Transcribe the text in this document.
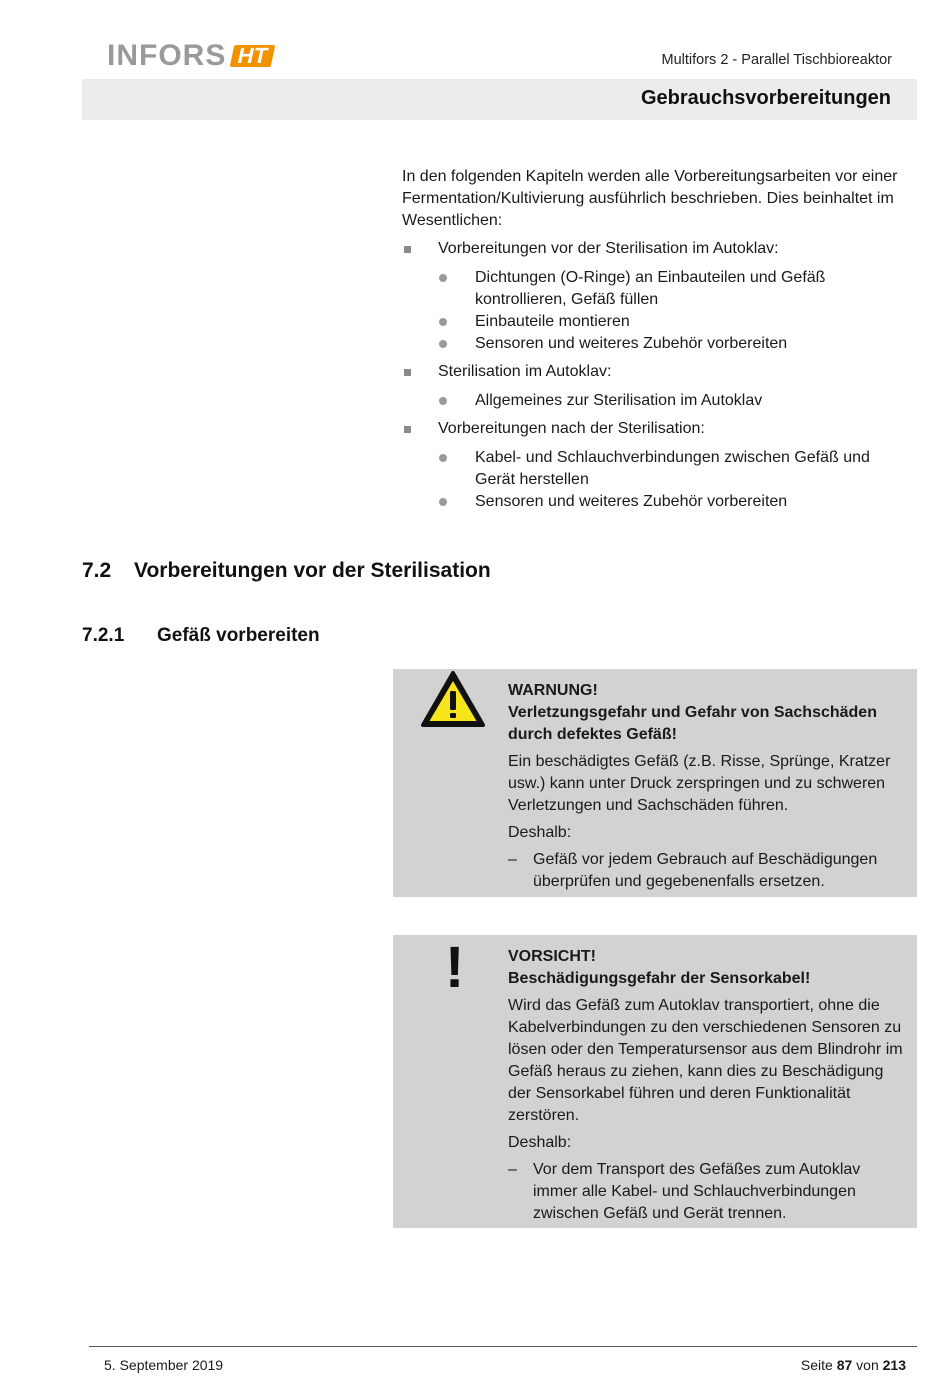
INFORS HT	Multifors 2 - Parallel Tischbioreaktor
Gebrauchsvorbereitungen

In den folgenden Kapiteln werden alle Vorbereitungsarbeiten vor einer Fermentation/Kultivierung ausführlich beschrieben. Dies beinhaltet im Wesentlichen:

Vorbereitungen vor der Sterilisation im Autoklav:
Dichtungen (O-Ringe) an Einbauteilen und Gefäß kontrollieren, Gefäß füllen
Einbauteile montieren
Sensoren und weiteres Zubehör vorbereiten
Sterilisation im Autoklav:
Allgemeines zur Sterilisation im Autoklav
Vorbereitungen nach der Sterilisation:
Kabel- und Schlauchverbindungen zwischen Gefäß und Gerät herstellen
Sensoren und weiteres Zubehör vorbereiten
7.2 Vorbereitungen vor der Sterilisation
7.2.1 Gefäß vorbereiten

WARNUNG!

Verletzungsgefahr und Gefahr von Sachschäden durch defektes Gefäß!

Ein beschädigtes Gefäß (z.B. Risse, Sprünge, Kratzer usw.) kann unter Druck zerspringen und zu schweren Verletzungen und Sachschäden führen.

Deshalb:

– Gefäß vor jedem Gebrauch auf Beschädigungen überprüfen und gegebenenfalls ersetzen.
!	VORSICHT!

Beschädigungsgefahr der Sensorkabel!

Wird das Gefäß zum Autoklav transportiert, ohne die Kabelverbindungen zu den verschiedenen Sensoren zu lösen oder den Temperatursensor aus dem Blindrohr im Gefäß heraus zu ziehen, kann dies zu Beschädigung der Sensorkabel führen und deren Funktionalität zerstören.

Deshalb:

– Vor dem Transport des Gefäßes zum Autoklav immer alle Kabel- und Schlauchverbindungen zwischen Gefäß und Gerät trennen.
5. September 2019	Seite 87 von 213
